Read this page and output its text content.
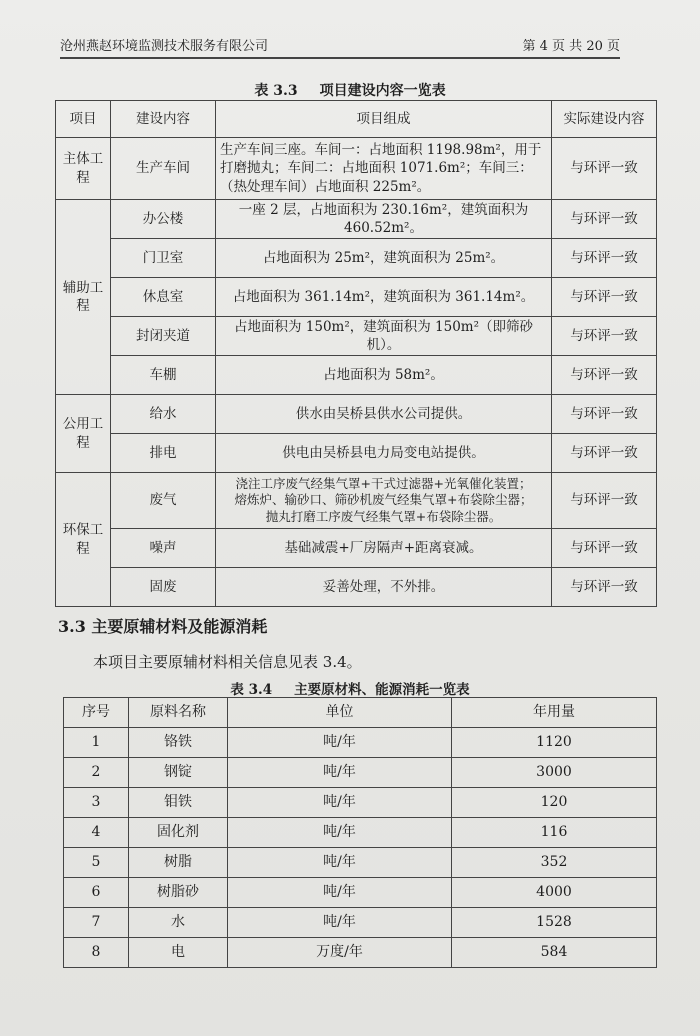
沧州燕赵环境监测技术服务有限公司	第 4 页 共 20 页
表 3.3 项目建设内容一览表
项目	建设内容	项目组成	实际建设内容
主体工程	生产车间	生产车间三座。车间一：占地面积 1198.98m²，用于打磨抛丸；车间二：占地面积 1071.6m²；车间三：（热处理车间）占地面积 225m²。	与环评一致
辅助工程	办公楼	一座 2 层，占地面积为 230.16m²，建筑面积为 460.52m²。	与环评一致
	门卫室	占地面积为 25m²，建筑面积为 25m²。	与环评一致
	休息室	占地面积为 361.14m²，建筑面积为 361.14m²。	与环评一致
	封闭夹道	占地面积为 150m²，建筑面积为 150m²（即筛砂机）。	与环评一致
	车棚	占地面积为 58m²。	与环评一致
公用工程	给水	供水由吴桥县供水公司提供。	与环评一致
	排电	供电由吴桥县电力局变电站提供。	与环评一致
环保工程	废气	浇注工序废气经集气罩+干式过滤器+光氧催化装置；
熔炼炉、输砂口、筛砂机废气经集气罩+布袋除尘器；
抛丸打磨工序废气经集气罩+布袋除尘器。	与环评一致
	噪声	基础减震+厂房隔声+距离衰减。	与环评一致
	固废	妥善处理，不外排。	与环评一致
3.3 主要原辅材料及能源消耗
本项目主要原辅材料相关信息见表 3.4。
表 3.4 主要原材料、能源消耗一览表
序号	原料名称	单位	年用量
1	铬铁	吨/年	1120
2	钢锭	吨/年	3000
3	钼铁	吨/年	120
4	固化剂	吨/年	116
5	树脂	吨/年	352
6	树脂砂	吨/年	4000
7	水	吨/年	1528
8	电	万度/年	584
